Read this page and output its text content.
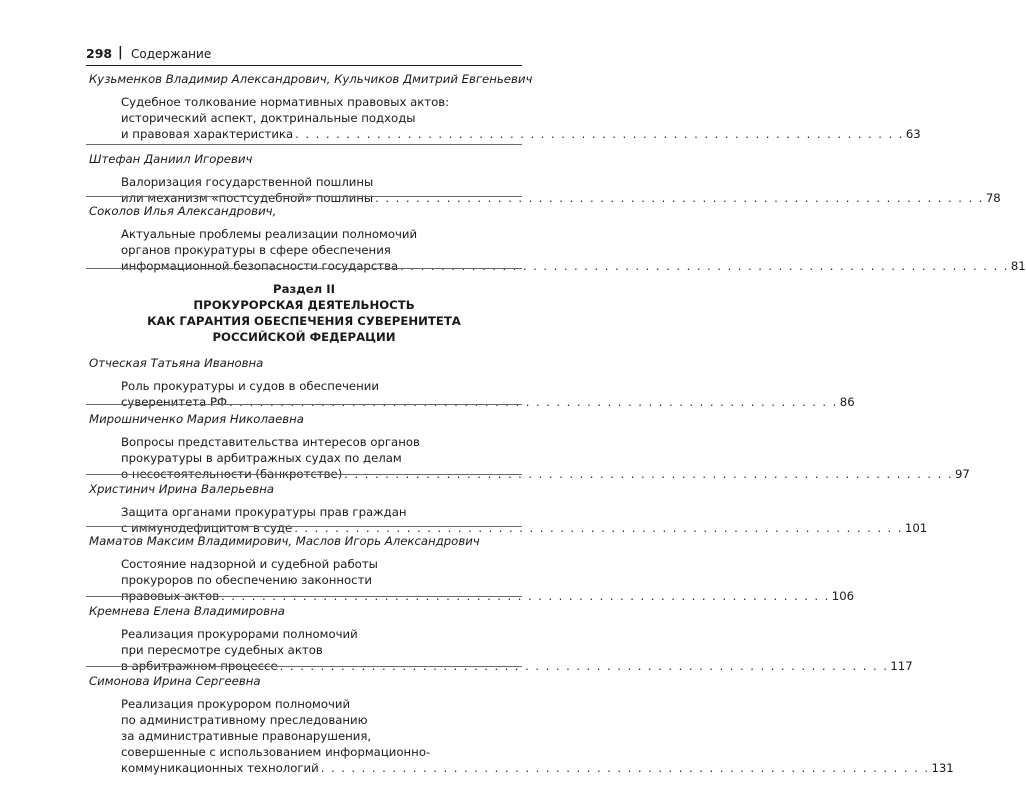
298 | Содержание
Раздел II
ПРОКУРОРСКАЯ ДЕЯТЕЛЬНОСТЬ
КАК ГАРАНТИЯ ОБЕСПЕЧЕНИЯ СУВЕРЕНИТЕТА
РОССИЙСКОЙ ФЕДЕРАЦИИ
Кузьменков Владимир Александрович, Кульчиков Дмитрий Евгеньевич
Судебное толкование нормативных правовых актов:
исторический аспект, доктринальные подходы
и правовая характеристика . . . . . . . . . . . . . . . . . . . . . . . . . . . . . . . . . . . . . . . . . . . . . . . . . . . . . . . . . . . . 63
Штефан Даниил Игоревич
Валоризация государственной пошлины
или механизм «постсудебной» пошлины . . . . . . . . . . . . . . . . . . . . . . . . . . . . . . . . . . . . . . . . . . . . . . . . . . . . . . . . . . . . 78
Соколов Илья Александрович,
Актуальные проблемы реализации полномочий
органов прокуратуры в сфере обеспечения
информационной безопасности государства . . . . . . . . . . . . . . . . . . . . . . . . . . . . . . . . . . . . . . . . . . . . . . . . . . . . . . . . . . . . 81
Отческая Татьяна Ивановна
Роль прокуратуры и судов в обеспечении
суверенитета РФ . . . . . . . . . . . . . . . . . . . . . . . . . . . . . . . . . . . . . . . . . . . . . . . . . . . . . . . . . . . . 86
Мирошниченко Мария Николаевна
Вопросы представительства интересов органов
прокуратуры в арбитражных судах по делам
о несостоятельности (банкротстве) . . . . . . . . . . . . . . . . . . . . . . . . . . . . . . . . . . . . . . . . . . . . . . . . . . . . . . . . . . . . 97
Христинич Ирина Валерьевна
Защита органами прокуратуры прав граждан
с иммунодефицитом в суде . . . . . . . . . . . . . . . . . . . . . . . . . . . . . . . . . . . . . . . . . . . . . . . . . . . . . . . . . . . . 101
Маматов Максим Владимирович, Маслов Игорь Александрович
Состояние надзорной и судебной работы
прокуроров по обеспечению законности
правовых актов . . . . . . . . . . . . . . . . . . . . . . . . . . . . . . . . . . . . . . . . . . . . . . . . . . . . . . . . . . . . 106
Кремнева Елена Владимировна
Реализация прокурорами полномочий
при пересмотре судебных актов
в арбитражном процессе . . . . . . . . . . . . . . . . . . . . . . . . . . . . . . . . . . . . . . . . . . . . . . . . . . . . . . . . . . . . 117
Симонова Ирина Сергеевна
Реализация прокурором полномочий
по административному преследованию
за административные правонарушения,
совершенные с использованием информационно-
коммуникационных технологий . . . . . . . . . . . . . . . . . . . . . . . . . . . . . . . . . . . . . . . . . . . . . . . . . . . . . . . . . . . . 131
